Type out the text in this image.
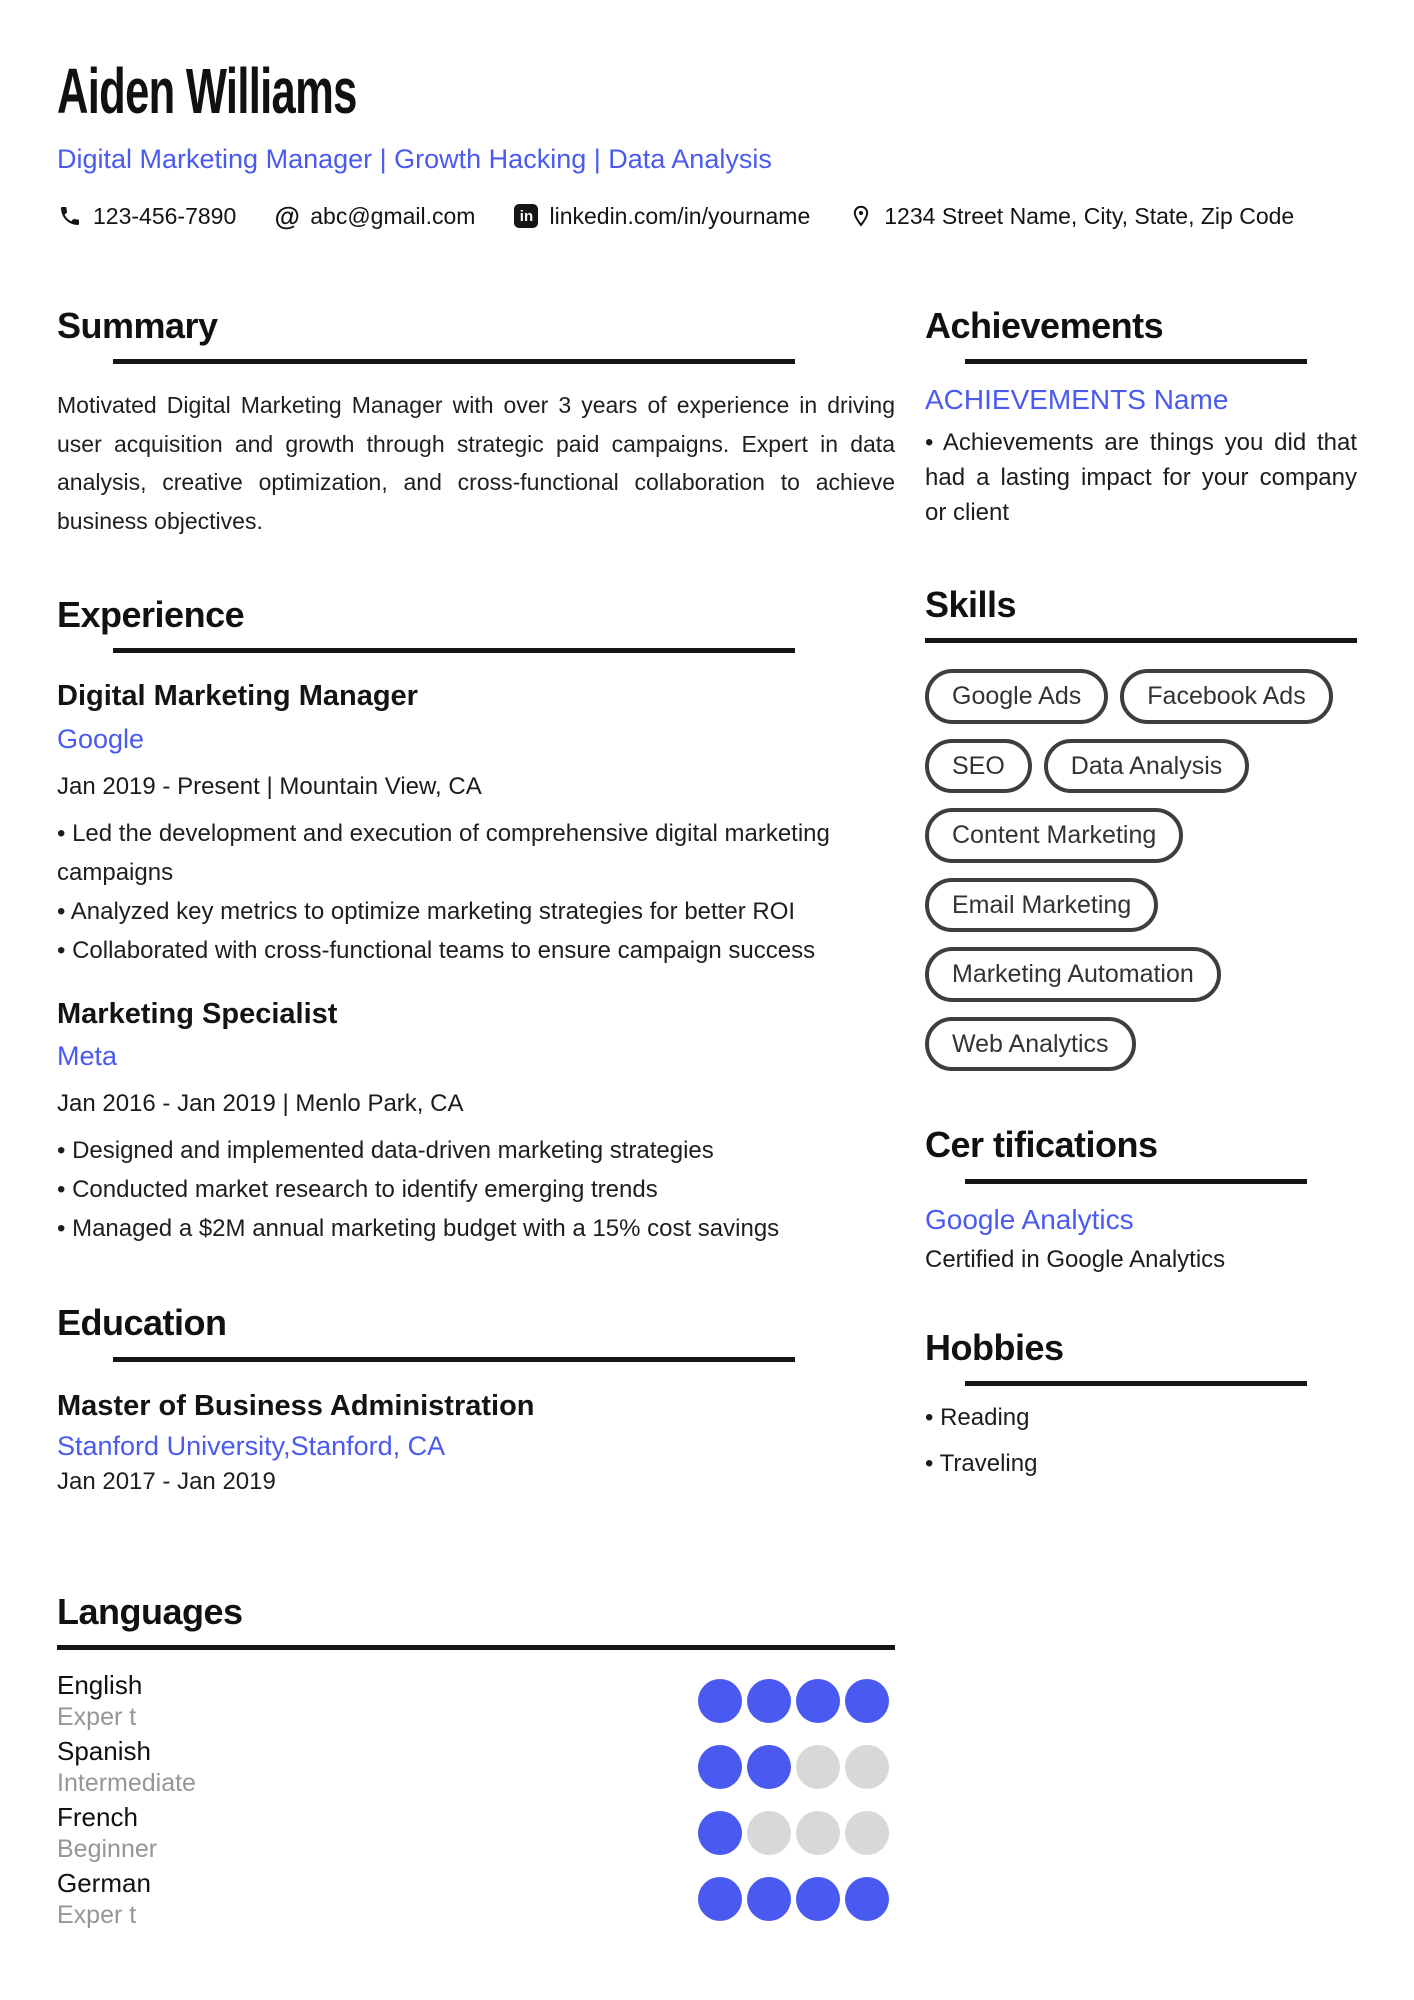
Aiden Williams
Digital Marketing Manager | Growth Hacking | Data Analysis
123-456-7890 @ abc@gmail.com	in linkedin.com/in/yourname	1234 Street Name, City, State, Zip Code
Summary
Motivated Digital Marketing Manager with over 3 years of experience in driving user acquisition and growth through strategic paid campaigns. Expert in data analysis, creative optimization, and cross-functional collaboration to achieve business objectives.
Experience
Digital Marketing Manager
Google
Jan 2019 - Present | Mountain View, CA
• Led the development and execution of comprehensive digital marketing campaigns
• Analyzed key metrics to optimize marketing strategies for better ROI
• Collaborated with cross-functional teams to ensure campaign success
Marketing Specialist
Meta
Jan 2016 - Jan 2019 | Menlo Park, CA
• Designed and implemented data-driven marketing strategies
• Conducted market research to identify emerging trends
• Managed a $2M annual marketing budget with a 15% cost savings
Education
Master of Business Administration
Stanford University,Stanford, CA
Jan 2017 - Jan 2019
Languages
English
Exper t
Spanish
Intermediate
French
Beginner
German
Exper t
Achievements
ACHIEVEMENTS Name
• Achievements are things you did that had a lasting impact for your company or client
Skills
Google Ads	Facebook Ads
SEO	Data Analysis
Content Marketing
Email Marketing
Marketing Automation
Web Analytics
Cer tifications
Google Analytics
Certified in Google Analytics
Hobbies
• Reading
• Traveling
